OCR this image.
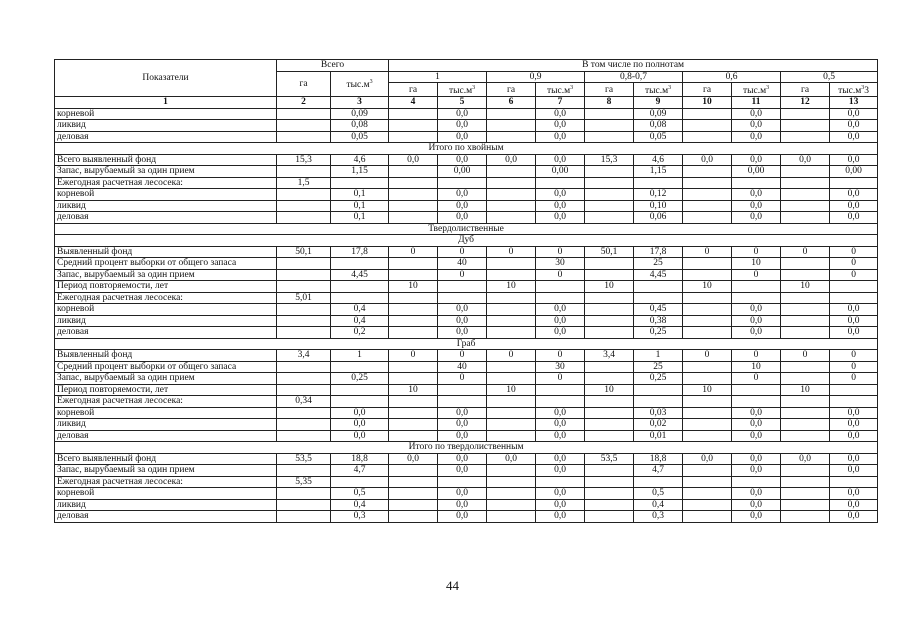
Показатели	Всего		В том числе по полнотам									
	га	$тыс.м^3$	1		0,9		0,8-0,7		0,6		0,5	
			га	$тыс.м^3$	га	$тыс.м^3$	га	$тыс.м^3$	га	$тыс.м^3$	га	$тыс.м^33$
1	2	3	4	5	6	7	8	9	10	11	12	13
корневой		0,09		0,0		0,0		0,09		0,0		0,0
ликвид		0,08		0,0		0,0		0,08		0,0		0,0
деловая		0,05		0,0		0,0		0,05		0,0		0,0
Итого по хвойным												
Всего выявленный фонд	15,3	4,6	0,0	0,0	0,0	0,0	15,3	4,6	0,0	0,0	0,0	0,0
Запас, вырубаемый за один прием		1,15		0,00		0,00		1,15		0,00		0,00
Ежегодная расчетная лесосека:	1,5											
корневой		0,1		0,0		0,0		0,12		0,0		0,0
ликвид		0,1		0,0		0,0		0,10		0,0		0,0
деловая		0,1		0,0		0,0		0,06		0,0		0,0
Твердолиственные												
Дуб												
Выявленный фонд	50,1	17,8	0	0	0	0	50,1	17,8	0	0	0	0
Средний процент выборки от общего запаса				40		30		25		10		0
Запас, вырубаемый за один прием		4,45		0		0		4,45		0		0
Период повторяемости, лет			10		10		10		10		10	
Ежегодная расчетная лесосека:	5,01											
корневой		0,4		0,0		0,0		0,45		0,0		0,0
ликвид		0,4		0,0		0,0		0,38		0,0		0,0
деловая		0,2		0,0		0,0		0,25		0,0		0,0
Граб												
Выявленный фонд	3,4	1	0	0	0	0	3,4	1	0	0	0	0
Средний процент выборки от общего запаса				40		30		25		10		0
Запас, вырубаемый за один прием		0,25		0		0		0,25		0		0
Период повторяемости, лет			10		10		10		10		10	
Ежегодная расчетная лесосека:	0,34											
корневой		0,0		0,0		0,0		0,03		0,0		0,0
ликвид		0,0		0,0		0,0		0,02		0,0		0,0
деловая		0,0		0,0		0,0		0,01		0,0		0,0
Итого по твердолиственным												
Всего выявленный фонд	53,5	18,8	0,0	0,0	0,0	0,0	53,5	18,8	0,0	0,0	0,0	0,0
Запас, вырубаемый за один прием		4,7		0,0		0,0		4,7		0,0		0,0
Ежегодная расчетная лесосека:	5,35											
корневой		0,5		0,0		0,0		0,5		0,0		0,0
ликвид		0,4		0,0		0,0		0,4		0,0		0,0
деловая		0,3		0,0		0,0		0,3		0,0		0,0
44
